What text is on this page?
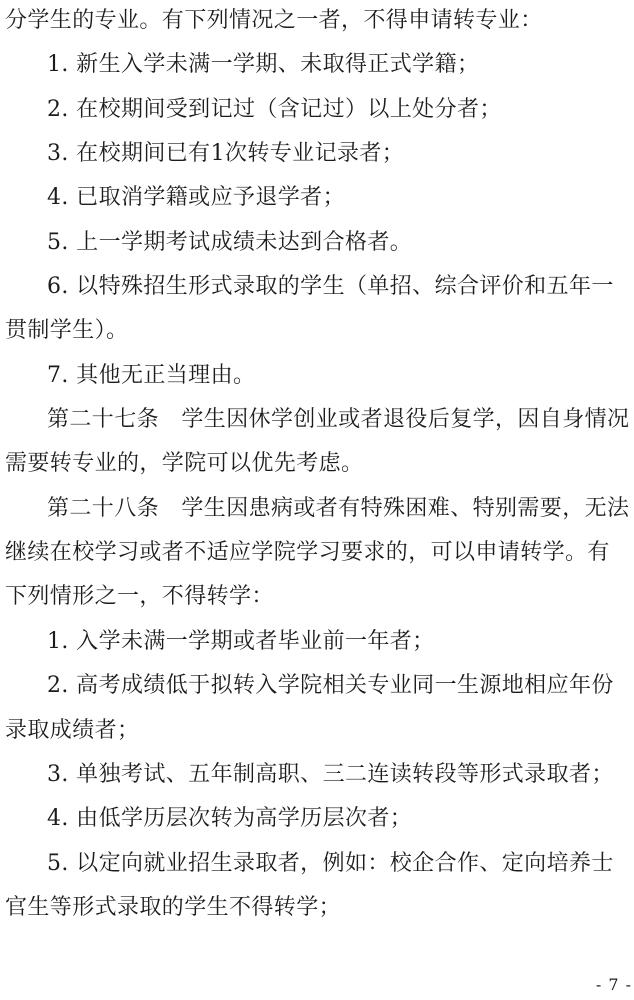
分学生的专业。有下列情况之一者，不得申请转专业：
1. 新生入学未满一学期、未取得正式学籍；
2. 在校期间受到记过（含记过）以上处分者；
3. 在校期间已有1次转专业记录者；
4. 已取消学籍或应予退学者；
5. 上一学期考试成绩未达到合格者。
6. 以特殊招生形式录取的学生（单招、综合评价和五年一
贯制学生）。
7. 其他无正当理由。
第二十七条　学生因休学创业或者退役后复学，因自身情况
需要转专业的，学院可以优先考虑。
第二十八条　学生因患病或者有特殊困难、特别需要，无法
继续在校学习或者不适应学院学习要求的，可以申请转学。有
下列情形之一，不得转学：
1. 入学未满一学期或者毕业前一年者；
2. 高考成绩低于拟转入学院相关专业同一生源地相应年份
录取成绩者；
3. 单独考试、五年制高职、三二连读转段等形式录取者；
4. 由低学历层次转为高学历层次者；
5. 以定向就业招生录取者，例如：校企合作、定向培养士
官生等形式录取的学生不得转学；
- 7 -
